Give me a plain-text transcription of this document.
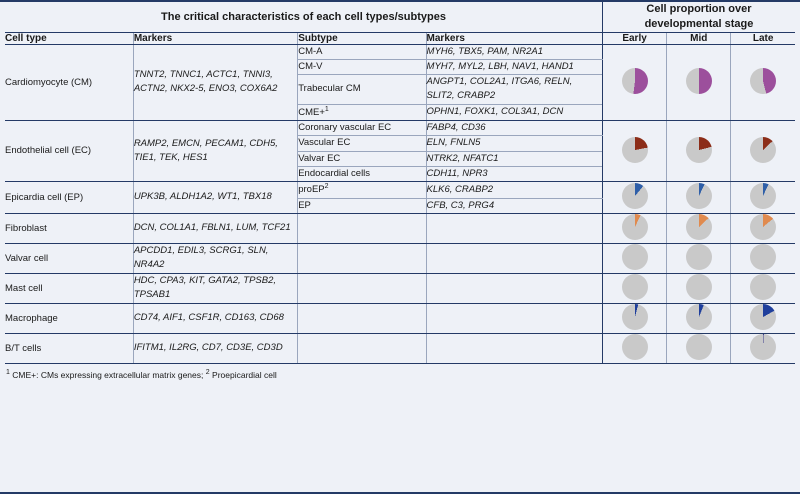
The critical characteristics of each cell types/subtypes				Cell proportion over
developmental stage		
Cell type	Markers	Subtype	Markers	Early	Mid	Late
Cardiomyocyte (CM)	TNNT2, TNNC1, ACTC1, TNNI3, ACTN2, NKX2-5, ENO3, COX6A2	CM-A	MYH6, TBX5, PAM, NR2A1			
		CM-V	MYH7, MYL2, LBH, NAV1, HAND1			
		Trabecular CM	ANGPT1, COL2A1, ITGA6, RELN, SLIT2, CRABP2			
		CME+$^1$	OPHN1, FOXK1, COL3A1, DCN			
Endothelial cell (EC)	RAMP2, EMCN, PECAM1, CDH5, TIE1, TEK, HES1	Coronary vascular EC	FABP4, CD36			
		Vascular EC	ELN, FNLN5			
		Valvar EC	NTRK2, NFATC1			
		Endocardial cells	CDH11, NPR3			
Epicardia cell (EP)	UPK3B, ALDH1A2, WT1, TBX18	proEP$^2$	KLK6, CRABP2			
		EP	CFB, C3, PRG4			
Fibroblast	DCN, COL1A1, FBLN1, LUM, TCF21					
Valvar cell	APCDD1, EDIL3, SCRG1, SLN, NR4A2					
Mast cell	HDC, CPA3, KIT, GATA2, TPSB2, TPSAB1					
Macrophage	CD74, AIF1, CSF1R, CD163, CD68					
B/T cells	IFITM1, IL2RG, CD7, CD3E, CD3D					
$^1$ CME+: CMs expressing extracellular matrix genes; $^2$ Proepicardial cell
